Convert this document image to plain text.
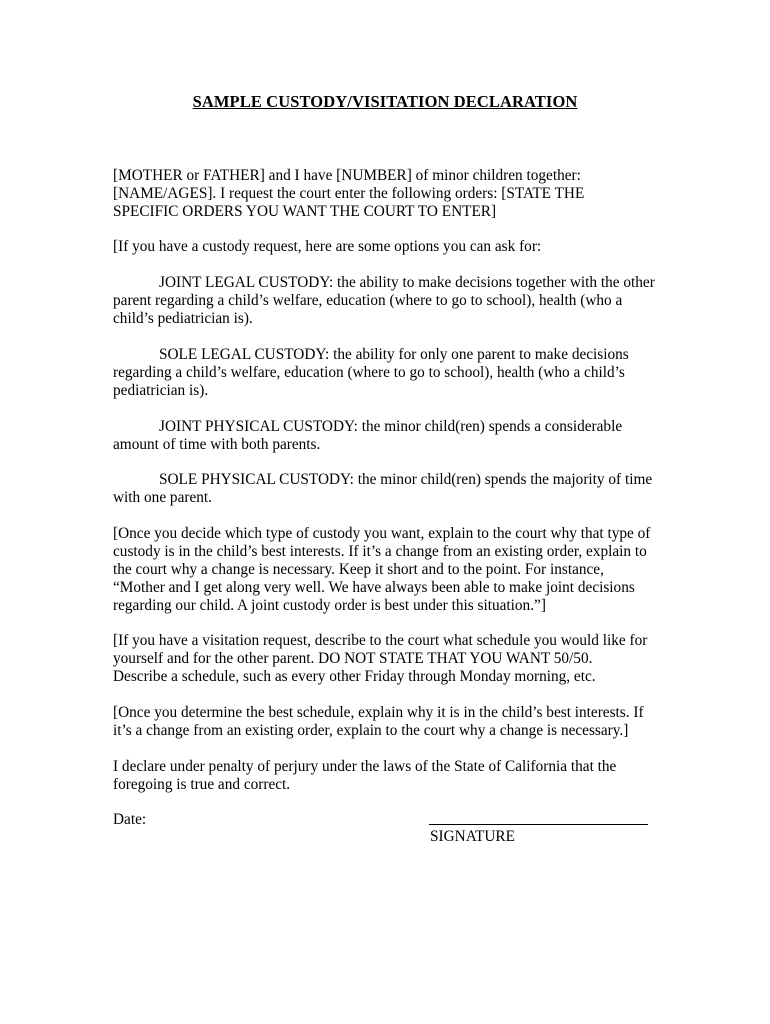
SAMPLE CUSTODY/VISITATION DECLARATION
[MOTHER or FATHER] and I have [NUMBER] of minor children together:
[NAME/AGES]. I request the court enter the following orders: [STATE THE
SPECIFIC ORDERS YOU WANT THE COURT TO ENTER]
[If you have a custody request, here are some options you can ask for:
JOINT LEGAL CUSTODY: the ability to make decisions together with the other
parent regarding a child’s welfare, education (where to go to school), health (who a
child’s pediatrician is).
SOLE LEGAL CUSTODY: the ability for only one parent to make decisions
regarding a child’s welfare, education (where to go to school), health (who a child’s
pediatrician is).
JOINT PHYSICAL CUSTODY: the minor child(ren) spends a considerable
amount of time with both parents.
SOLE PHYSICAL CUSTODY: the minor child(ren) spends the majority of time
with one parent.
[Once you decide which type of custody you want, explain to the court why that type of
custody is in the child’s best interests. If it’s a change from an existing order, explain to
the court why a change is necessary. Keep it short and to the point. For instance,
“Mother and I get along very well. We have always been able to make joint decisions
regarding our child. A joint custody order is best under this situation.”]
[If you have a visitation request, describe to the court what schedule you would like for
yourself and for the other parent. DO NOT STATE THAT YOU WANT 50/50.
Describe a schedule, such as every other Friday through Monday morning, etc.
[Once you determine the best schedule, explain why it is in the child’s best interests. If
it’s a change from an existing order, explain to the court why a change is necessary.]
I declare under penalty of perjury under the laws of the State of California that the
foregoing is true and correct.
Date:
SIGNATURE
